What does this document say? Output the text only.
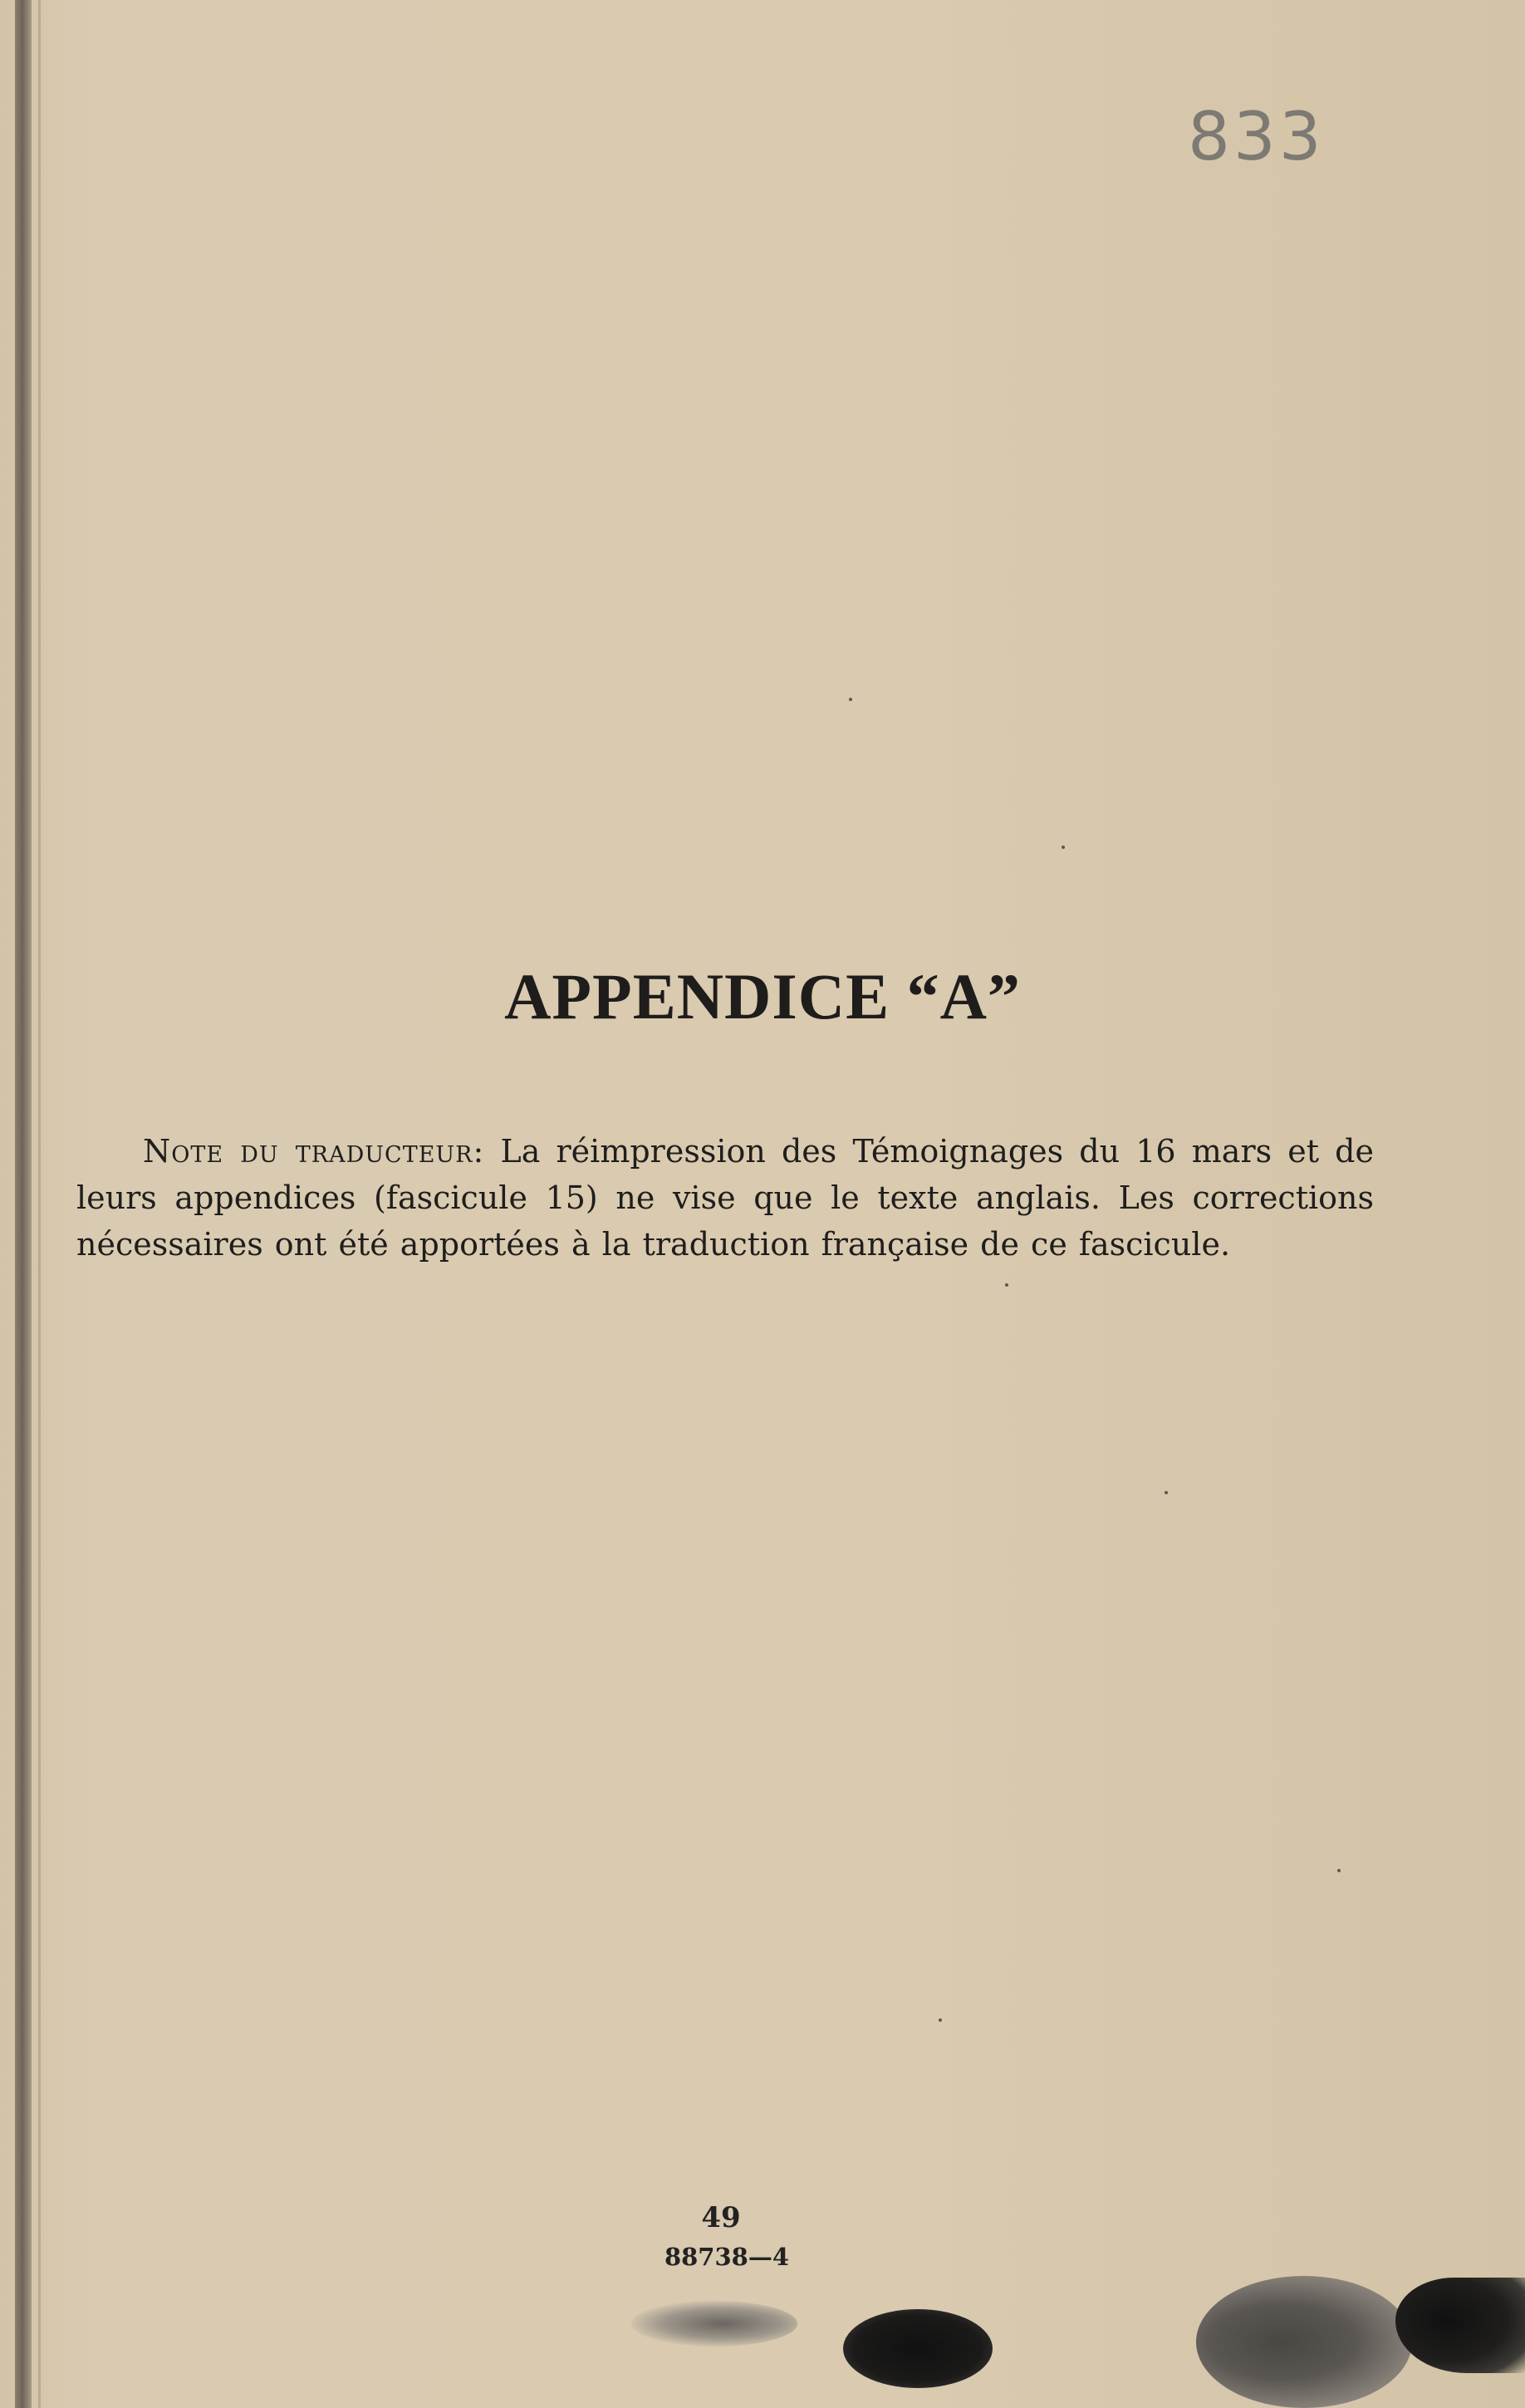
833
APPENDICE “A”

Note du traducteur: La réimpression des Témoignages du 16 mars et de leurs appendices (fascicule 15) ne vise que le texte anglais. Les corrections nécessaires ont été apportées à la traduction française de ce fascicule.

49
88738—4
